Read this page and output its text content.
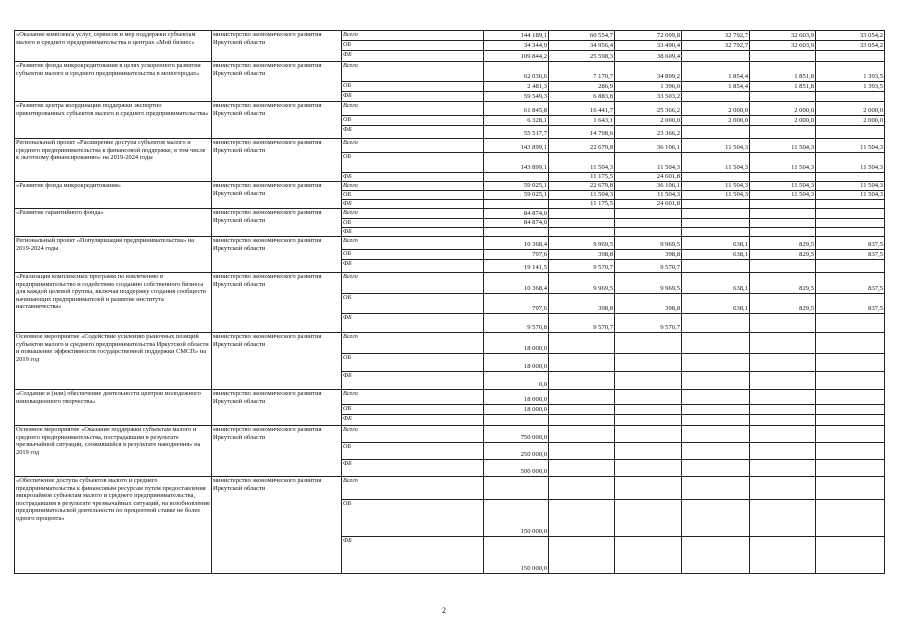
«Оказание комплекса услуг, сервисов и мер поддержки субъектам малого и среднего предпринимательства в центрах «Мой бизнес»	министерство экономического развития Иркутской области	Всего	144 189,1	60 554,7	72 099,8	32 792,7	32 603,9	33 054,2
		ОБ	34 344,9	34 956,4	33 490,4	32 792,7	32 603,9	33 054,2
		ФБ	109 844,2	25 598,3	38 609,4			
«Развитие фонда микрокредитования в целях ускоренного развития субъектов малого и среднего предпринимательства в моногородах»	министерство экономического развития Иркутской области	Всего	62 030,6	7 170,7	34 899,2	1 854,4	1 851,8	1 393,5
		ОБ	2 481,3	286,9	1 396,0	1 854,4	1 851,8	1 393,5
		ФБ	59 549,3	6 883,8	33 503,2			
«Развитие центра координации поддержки экспортно ориентированных субъектов малого и среднего предпринимательства»	министерство экономического развития Иркутской области	Всего	61 845,8	16 441,7	25 366,2	2 000,0	2 000,0	2 000,0
		ОБ	6 328,1	1 643,1	2 000,0	2 000,0	2 000,0	2 000,0
		ФБ	55 517,7	14 798,6	23 366,2			
Региональный проект «Расширение доступа субъектов малого и среднего предпринимательства к финансовой поддержке, в том числе к льготному финансированию» на 2019-2024 годы	министерство экономического развития Иркутской области	Всего	143 899,1	22 679,8	36 106,1	11 504,3	11 504,3	11 504,3
		ОБ	143 899,1	11 504,3	11 504,3	11 504,3	11 504,3	11 504,3
		ФБ		11 175,5	24 601,8			
«Развитие фонда микрокредитования»	министерство экономического развития Иркутской области	Всего	59 025,1	22 679,8	36 106,1	11 504,3	11 504,3	11 504,3
		ОБ	59 025,1	11 504,3	11 504,3	11 504,3	11 504,3	11 504,3
		ФБ		11 175,5	24 601,8			
«Развитие гарантийного фонда»	министерство экономического развития Иркутской области	Всего	84 874,0					
		ОБ	84 874,0					
		ФБ						
Региональный проект «Популяризация предпринимательства» на 2019-2024 годы	министерство экономического развития Иркутской области	Всего	10 368,4	9 969,5	9 969,5	638,1	829,5	837,5
		ОБ	797,6	398,8	398,8	638,1	829,5	837,5
		ФБ	19 141,5	9 570,7	9 570,7			
«Реализация комплексных программ по вовлечению в предпринимательство и содействию созданию собственного бизнеса для каждой целевой группы, включая поддержку создания сообществ начинающих предпринимателей и развитие института наставничества»	министерство экономического развития Иркутской области	Всего	10 368,4	9 969,5	9 969,5	638,1	829,5	837,5
		ОБ	797,6	398,8	398,8	638,1	829,5	837,5
		ФБ	9 570,8	9 570,7	9 570,7			
Основное мероприятие «Содействие усилению рыночных позиций субъектов малого и среднего предпринимательства Иркутской области и повышение эффективности государственной поддержки СМСП» на 2019 год	министерство экономического развития Иркутской области	Всего	18 000,0					
		ОБ	18 000,0					
		ФБ	0,0					
«Создание и (или) обеспечение деятельности центров молодежного инновационного творчества»	министерство экономического развития Иркутской области	Всего	18 000,0					
		ОБ	18 000,0					
		ФБ						
Основное мероприятие «Оказание поддержки субъектам малого и среднего предпринимательства, пострадавшим в результате чрезвычайной ситуации, сложившейся в результате наводнения» на 2019 год	министерство экономического развития Иркутской области	Всего	750 000,0					
		ОБ	250 000,0					
		ФБ	500 000,0					
«Обеспечение доступа субъектов малого и среднего предпринимательства к финансовым ресурсам путем предоставления микрозаймов субъектам малого и среднего предпринимательства, пострадавшим в результате чрезвычайных ситуаций, на возобновление предпринимательской деятельности по процентной ставке не более одного процента»	министерство экономического развития Иркутской области	Всего						
		ОБ	150 000,0					
		ФБ	150 000,0					
2
